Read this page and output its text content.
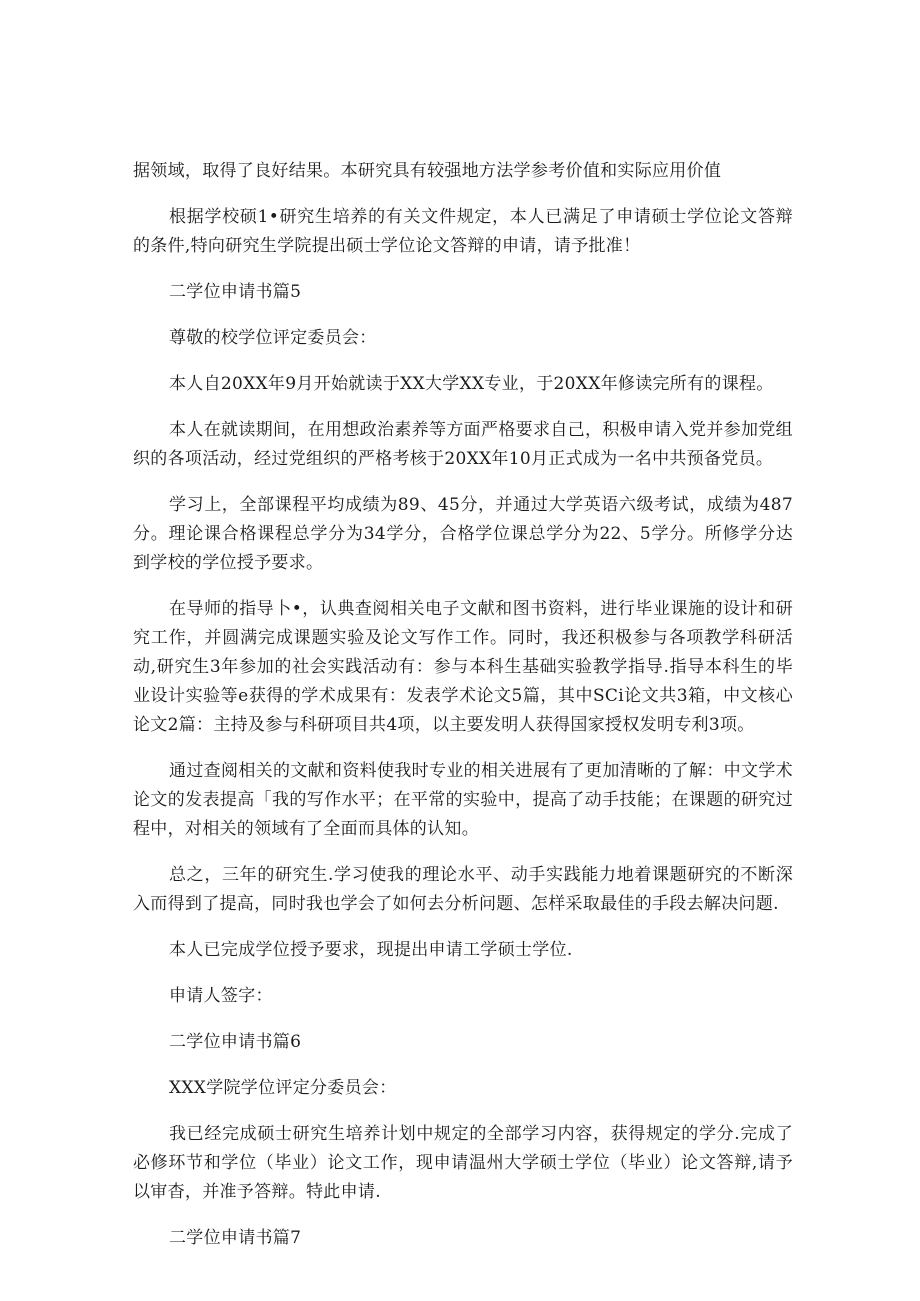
据领域，取得了良好结果。本研究具有较强地方法学参考价值和实际应用价值

根据学校硕1•研究生培养的有关文件规定，本人已满足了申请硕士学位论文答辩的条件,特向研究生学院提出硕士学位论文答辩的申请，请予批准！

二学位申请书篇5

尊敬的校学位评定委员会：

本人自20XX年9月开始就读于XX大学XX专业，于20XX年修读完所有的课程。

本人在就读期间，在用想政治素养等方面严格要求自己，积极申请入党并参加党组织的各项活动，经过党组织的严格考核于20XX年10月正式成为一名中共预备党员。

学习上，全部课程平均成绩为89、45分，并通过大学英语六级考试，成绩为487分。理论课合格课程总学分为34学分，合格学位课总学分为22、5学分。所修学分达到学校的学位授予要求。

在导师的指导卜•，认典查阅相关电子文献和图书资料，进行毕业课施的设计和研究工作，并圆满完成课题实验及论文写作工作。同时，我还积极参与各项教学科研活动,研究生3年参加的社会实践活动有：参与本科生基础实验教学指导.指导本科生的毕业设计实验等e获得的学术成果有：发表学术论文5篇，其中SCi论文共3箱，中文核心论文2篇：主持及参与科研项目共4项，以主要发明人获得国家授权发明专利3项。

通过查阅相关的文献和资料使我时专业的相关进展有了更加清晰的了解：中文学术论文的发表提高「我的写作水平；在平常的实验中，提高了动手技能；在课题的研究过程中，对相关的领域有了全面而具体的认知。

总之，三年的研究生.学习使我的理论水平、动手实践能力地着课题研究的不断深入而得到了提高，同时我也学会了如何去分析问题、怎样采取最佳的手段去解决问题.

本人已完成学位授予要求，现提出申请工学硕士学位.

申请人签字：

二学位申请书篇6

XXX学院学位评定分委员会：

我已经完成硕士研究生培养计划中规定的全部学习内容，获得规定的学分.完成了必修环节和学位（毕业）论文工作，现申请温州大学硕士学位（毕业）论文答辩,请予以审杳，并准予答辩。特此申请.

二学位申请书篇7
